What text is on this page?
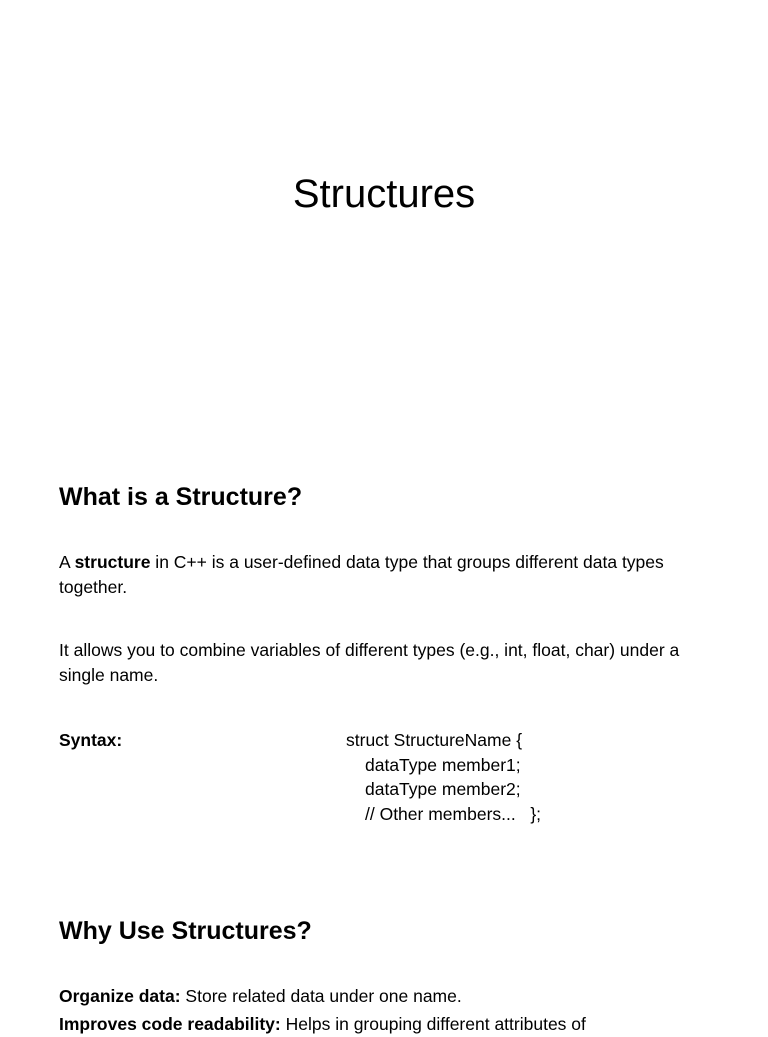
Structures
What is a Structure?

A structure in C++ is a user-defined data type that groups different data types together.

It allows you to combine variables of different types (e.g., int, float, char) under a single name.

Syntax:	struct StructureName {
dataType member1;
dataType member2;
// Other members...   };
Why Use Structures?

Organize data: Store related data under one name.

Improves code readability: Helps in grouping different attributes of
